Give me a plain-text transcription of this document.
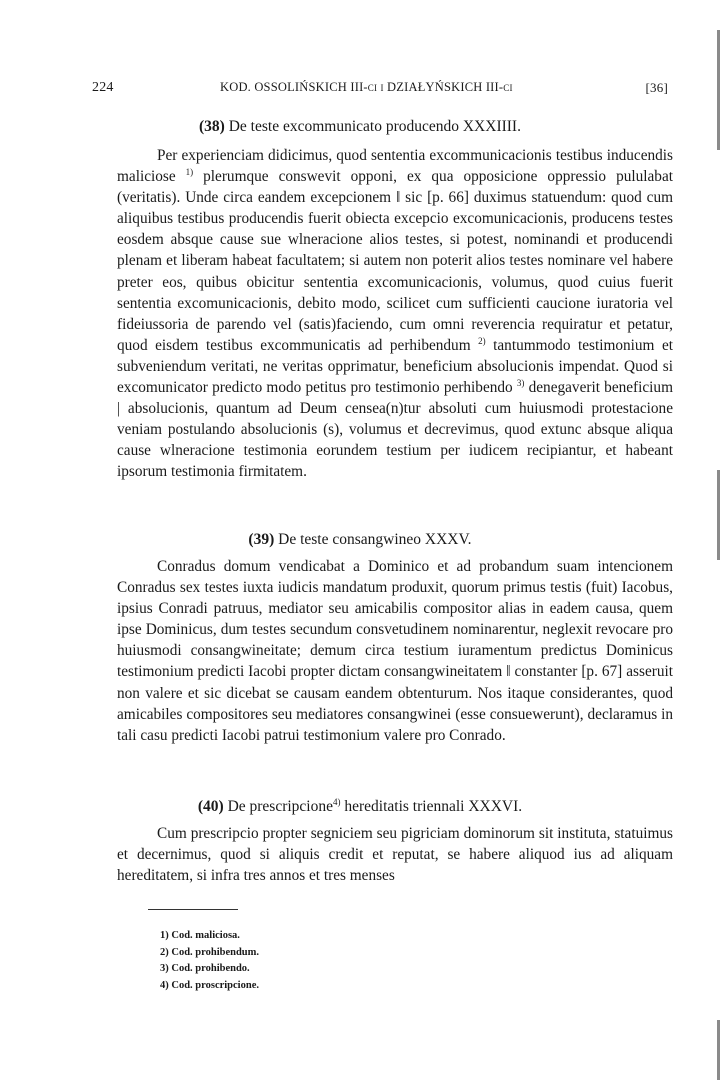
224	KOD. OSSOLIŃSKICH III-ci i DZIAŁYŃSKICH III-ci	[36]
(38) De teste excommunicato producendo XXXIIII.

Per experienciam didicimus, quod sententia excommunicacionis testibus inducendis maliciose $^{1)}$ plerumque conswevit opponi, ex qua opposicione oppressio pululabat (veritatis). Unde circa eandem excepcionem ‖ sic [p. 66] duximus statuendum: quod cum aliquibus testibus producendis fuerit obiecta excepcio excomunicacionis, producens testes eosdem absque cause sue wlneracione alios testes, si potest, nominandi et producendi plenam et liberam habeat facultatem; si autem non poterit alios testes nominare vel habere preter eos, quibus obicitur sententia excomunicacionis, volumus, quod cuius fuerit sententia excomunicacionis, debito modo, scilicet cum sufficienti caucione iuratoria vel fideiussoria de parendo vel (satis)faciendo, cum omni reverencia requiratur et petatur, quod eisdem testibus excommunicatis ad perhibendum $^{2)}$ tantummodo testimonium et subveniendum veritati, ne veritas opprimatur, beneficium absolucionis impendat. Quod si excomunicator predicto modo petitus pro testimonio perhibendo $^{3)}$ denegaverit beneficium | absolucionis, quantum ad Deum censea(n)tur absoluti cum huiusmodi protestacione veniam postulando absolucionis (s), volumus et decrevimus, quod extunc absque aliqua cause wlneracione testimonia eorundem testium per iudicem recipiantur, et habeant ipsorum testimonia firmitatem.

(39) De teste consangwineo XXXV.

Conradus domum vendicabat a Dominico et ad probandum suam intencionem Conradus sex testes iuxta iudicis mandatum produxit, quorum primus testis (fuit) Iacobus, ipsius Conradi patruus, mediator seu amicabilis compositor alias in eadem causa, quem ipse Dominicus, dum testes secundum consvetudinem nominarentur, neglexit revocare pro huiusmodi consangwineitate; demum circa testium iuramentum predictus Dominicus testimonium predicti Iacobi propter dictam consangwineitatem ‖ constanter [p. 67] asseruit non valere et sic dicebat se causam eandem obtenturum. Nos itaque considerantes, quod amicabiles compositores seu mediatores consangwinei (esse consuewerunt), declaramus in tali casu predicti Iacobi patrui testimonium valere pro Conrado.

(40) De prescripcione$^{4)}$ hereditatis triennali XXXVI.

Cum prescripcio propter segniciem seu pigriciam dominorum sit instituta, statuimus et decernimus, quod si aliquis credit et reputat, se habere aliquod ius ad aliquam hereditatem, si infra tres annos et tres menses

1) Cod. maliciosa.
2) Cod. prohibendum.
3) Cod. prohibendo.
4) Cod. proscripcione.
